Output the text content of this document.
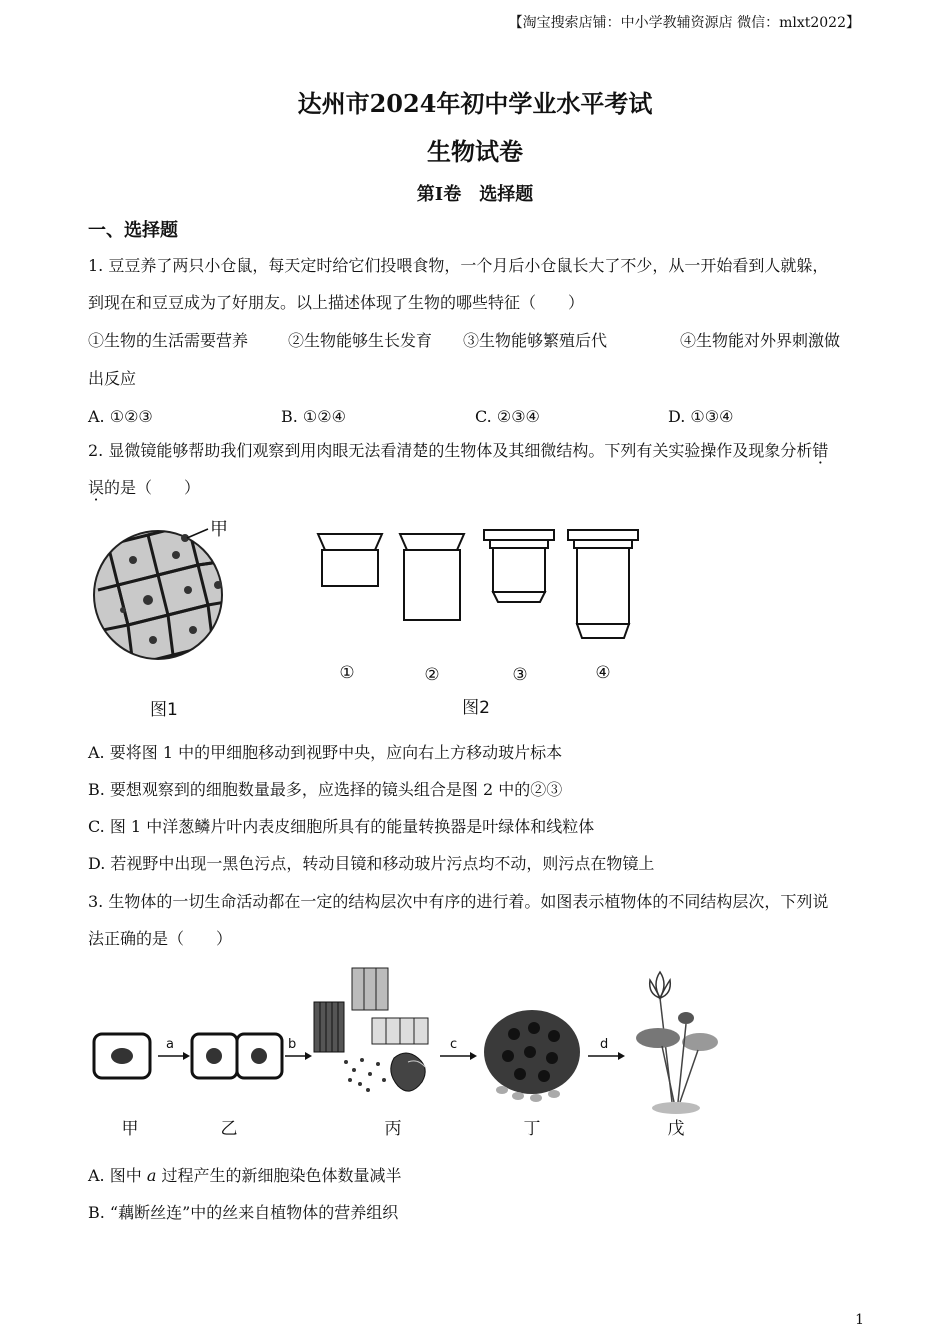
【淘宝搜索店铺：中小学教辅资源店 微信：mlxt2022】
达州市2024年初中学业水平考试
生物试卷
第Ⅰ卷　选择题
一、选择题
1. 豆豆养了两只小仓鼠，每天定时给它们投喂食物，一个月后小仓鼠长大了不少，从一开始看到人就躲，
到现在和豆豆成为了好朋友。以上描述体现了生物的哪些特征（　　）
①生物的生活需要营养 ②生物能够生长发育 ③生物能够繁殖后代	④生物能对外界刺激做
出反应
A. ①②③	B. ①②④	C. ②③④	D. ①③④
2. 显微镜能够帮助我们观察到用肉眼无法看清楚的生物体及其细微结构。下列有关实验操作及现象分析错
误的是（　　）
甲
图1
①	②	③	④
图2
A. 要将图 1 中的甲细胞移动到视野中央，应向右上方移动玻片标本
B. 要想观察到的细胞数量最多，应选择的镜头组合是图 2 中的②③
C. 图 1 中洋葱鳞片叶内表皮细胞所具有的能量转换器是叶绿体和线粒体
D. 若视野中出现一黑色污点，转动目镜和移动玻片污点均不动，则污点在物镜上
3. 生物体的一切生命活动都在一定的结构层次中有序的进行着。如图表示植物体的不同结构层次，下列说
法正确的是（　　）
a	b	c	d
甲	乙	丙	丁	戊
A. 图中 a 过程产生的新细胞染色体数量减半
B. “藕断丝连”中的丝来自植物体的营养组织
1
